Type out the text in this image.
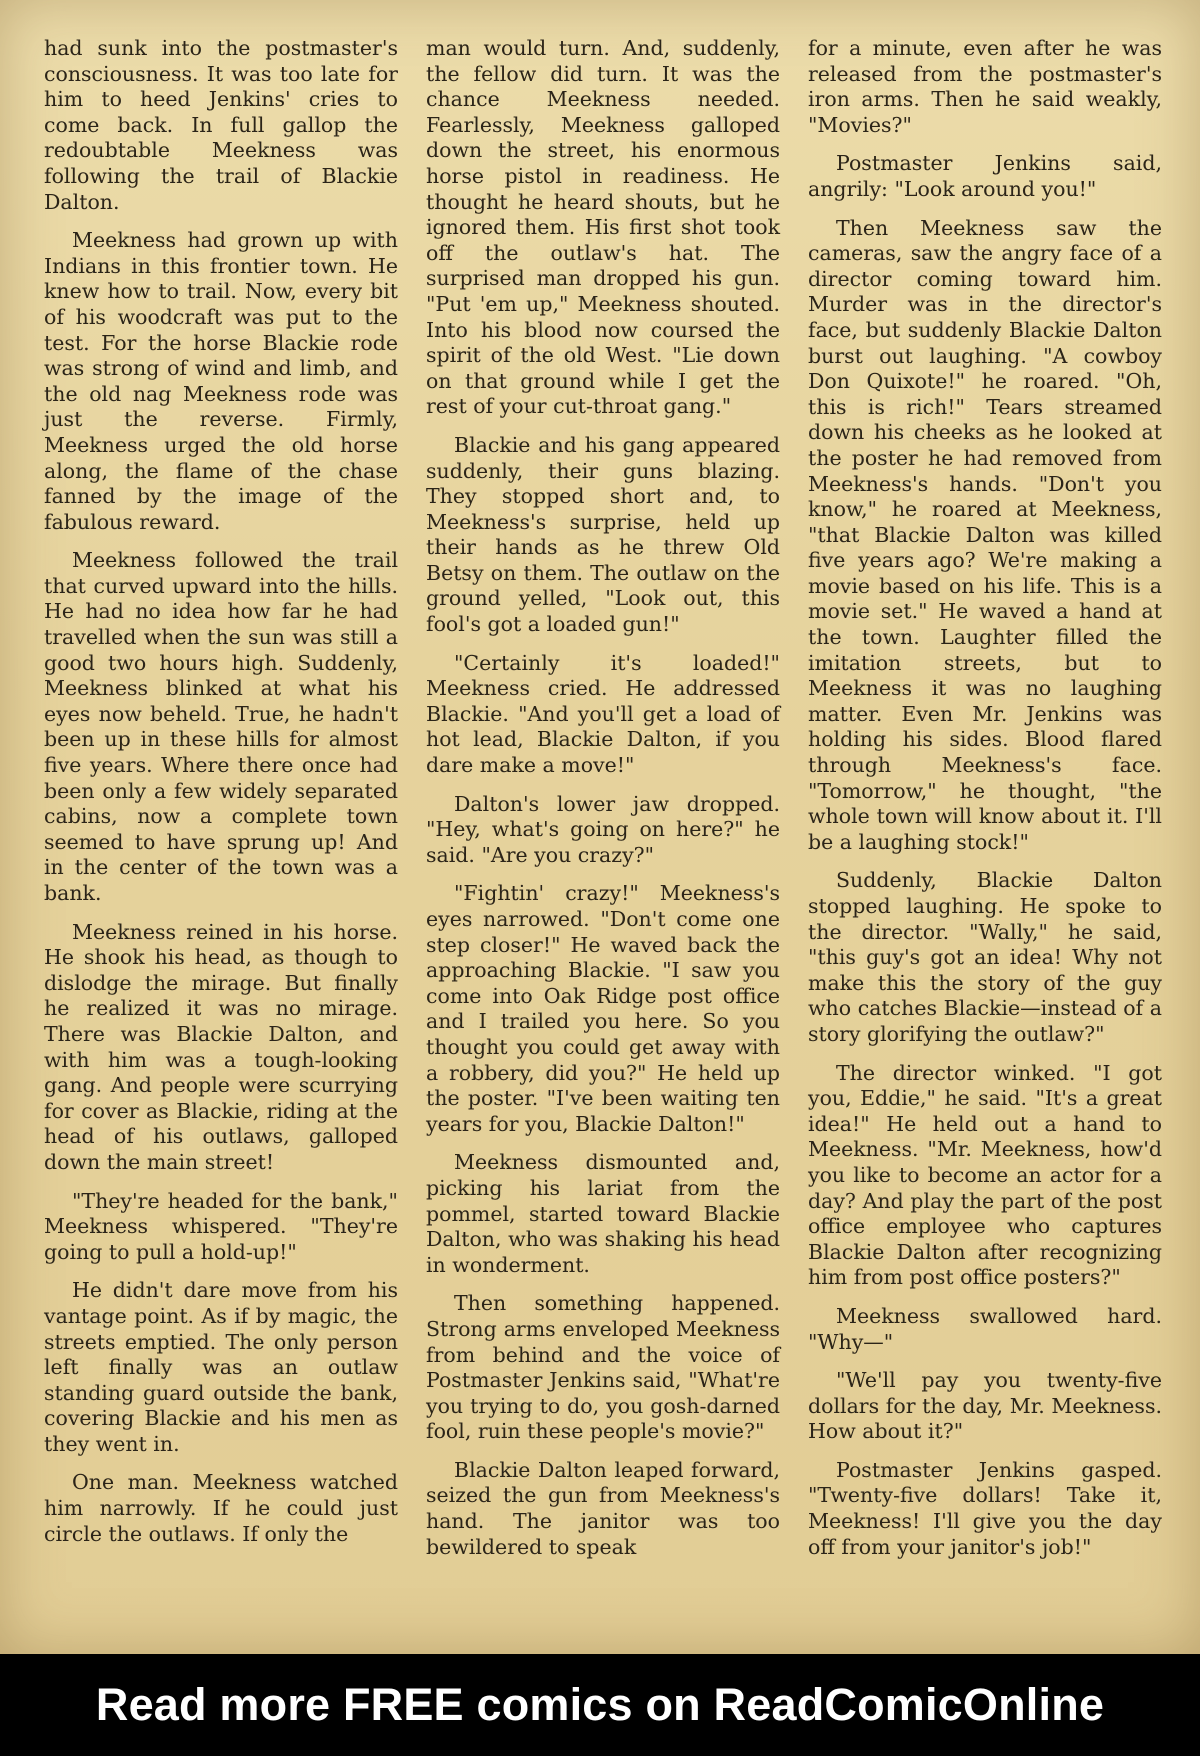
had sunk into the postmaster's consciousness. It was too late for him to heed Jenkins' cries to come back. In full gallop the redoubtable Meekness was following the trail of Blackie Dalton.

Meekness had grown up with Indians in this frontier town. He knew how to trail. Now, every bit of his woodcraft was put to the test. For the horse Blackie rode was strong of wind and limb, and the old nag Meekness rode was just the reverse. Firmly, Meekness urged the old horse along, the flame of the chase fanned by the image of the fabulous reward.

Meekness followed the trail that curved upward into the hills. He had no idea how far he had travelled when the sun was still a good two hours high. Suddenly, Meekness blinked at what his eyes now beheld. True, he hadn't been up in these hills for almost five years. Where there once had been only a few widely separated cabins, now a complete town seemed to have sprung up! And in the center of the town was a bank.

Meekness reined in his horse. He shook his head, as though to dislodge the mirage. But finally he realized it was no mirage. There was Blackie Dalton, and with him was a tough-looking gang. And people were scurrying for cover as Blackie, riding at the head of his outlaws, galloped down the main street!

"They're headed for the bank," Meekness whispered. "They're going to pull a hold-up!"

He didn't dare move from his vantage point. As if by magic, the streets emptied. The only person left finally was an outlaw standing guard outside the bank, covering Blackie and his men as they went in.

One man. Meekness watched him narrowly. If he could just circle the outlaws. If only the

man would turn. And, suddenly, the fellow did turn. It was the chance Meekness needed. Fearlessly, Meekness galloped down the street, his enormous horse pistol in readiness. He thought he heard shouts, but he ignored them. His first shot took off the outlaw's hat. The surprised man dropped his gun. "Put 'em up," Meekness shouted. Into his blood now coursed the spirit of the old West. "Lie down on that ground while I get the rest of your cut-throat gang."

Blackie and his gang appeared suddenly, their guns blazing. They stopped short and, to Meekness's surprise, held up their hands as he threw Old Betsy on them. The outlaw on the ground yelled, "Look out, this fool's got a loaded gun!"

"Certainly it's loaded!" Meekness cried. He addressed Blackie. "And you'll get a load of hot lead, Blackie Dalton, if you dare make a move!"

Dalton's lower jaw dropped. "Hey, what's going on here?" he said. "Are you crazy?"

"Fightin' crazy!" Meekness's eyes narrowed. "Don't come one step closer!" He waved back the approaching Blackie. "I saw you come into Oak Ridge post office and I trailed you here. So you thought you could get away with a robbery, did you?" He held up the poster. "I've been waiting ten years for you, Blackie Dalton!"

Meekness dismounted and, picking his lariat from the pommel, started toward Blackie Dalton, who was shaking his head in wonderment.

Then something happened. Strong arms enveloped Meekness from behind and the voice of Postmaster Jenkins said, "What're you trying to do, you gosh-darned fool, ruin these people's movie?"

Blackie Dalton leaped forward, seized the gun from Meekness's hand. The janitor was too bewildered to speak

for a minute, even after he was released from the postmaster's iron arms. Then he said weakly, "Movies?"

Postmaster Jenkins said, angrily: "Look around you!"

Then Meekness saw the cameras, saw the angry face of a director coming toward him. Murder was in the director's face, but suddenly Blackie Dalton burst out laughing. "A cowboy Don Quixote!" he roared. "Oh, this is rich!" Tears streamed down his cheeks as he looked at the poster he had removed from Meekness's hands. "Don't you know," he roared at Meekness, "that Blackie Dalton was killed five years ago? We're making a movie based on his life. This is a movie set." He waved a hand at the town. Laughter filled the imitation streets, but to Meekness it was no laughing matter. Even Mr. Jenkins was holding his sides. Blood flared through Meekness's face. "Tomorrow," he thought, "the whole town will know about it. I'll be a laughing stock!"

Suddenly, Blackie Dalton stopped laughing. He spoke to the director. "Wally," he said, "this guy's got an idea! Why not make this the story of the guy who catches Blackie—instead of a story glorifying the outlaw?"

The director winked. "I got you, Eddie," he said. "It's a great idea!" He held out a hand to Meekness. "Mr. Meekness, how'd you like to become an actor for a day? And play the part of the post office employee who captures Blackie Dalton after recognizing him from post office posters?"

Meekness swallowed hard. "Why—"

"We'll pay you twenty-five dollars for the day, Mr. Meekness. How about it?"

Postmaster Jenkins gasped. "Twenty-five dollars! Take it, Meekness! I'll give you the day off from your janitor's job!"

Read more FREE comics on ReadComicOnline
